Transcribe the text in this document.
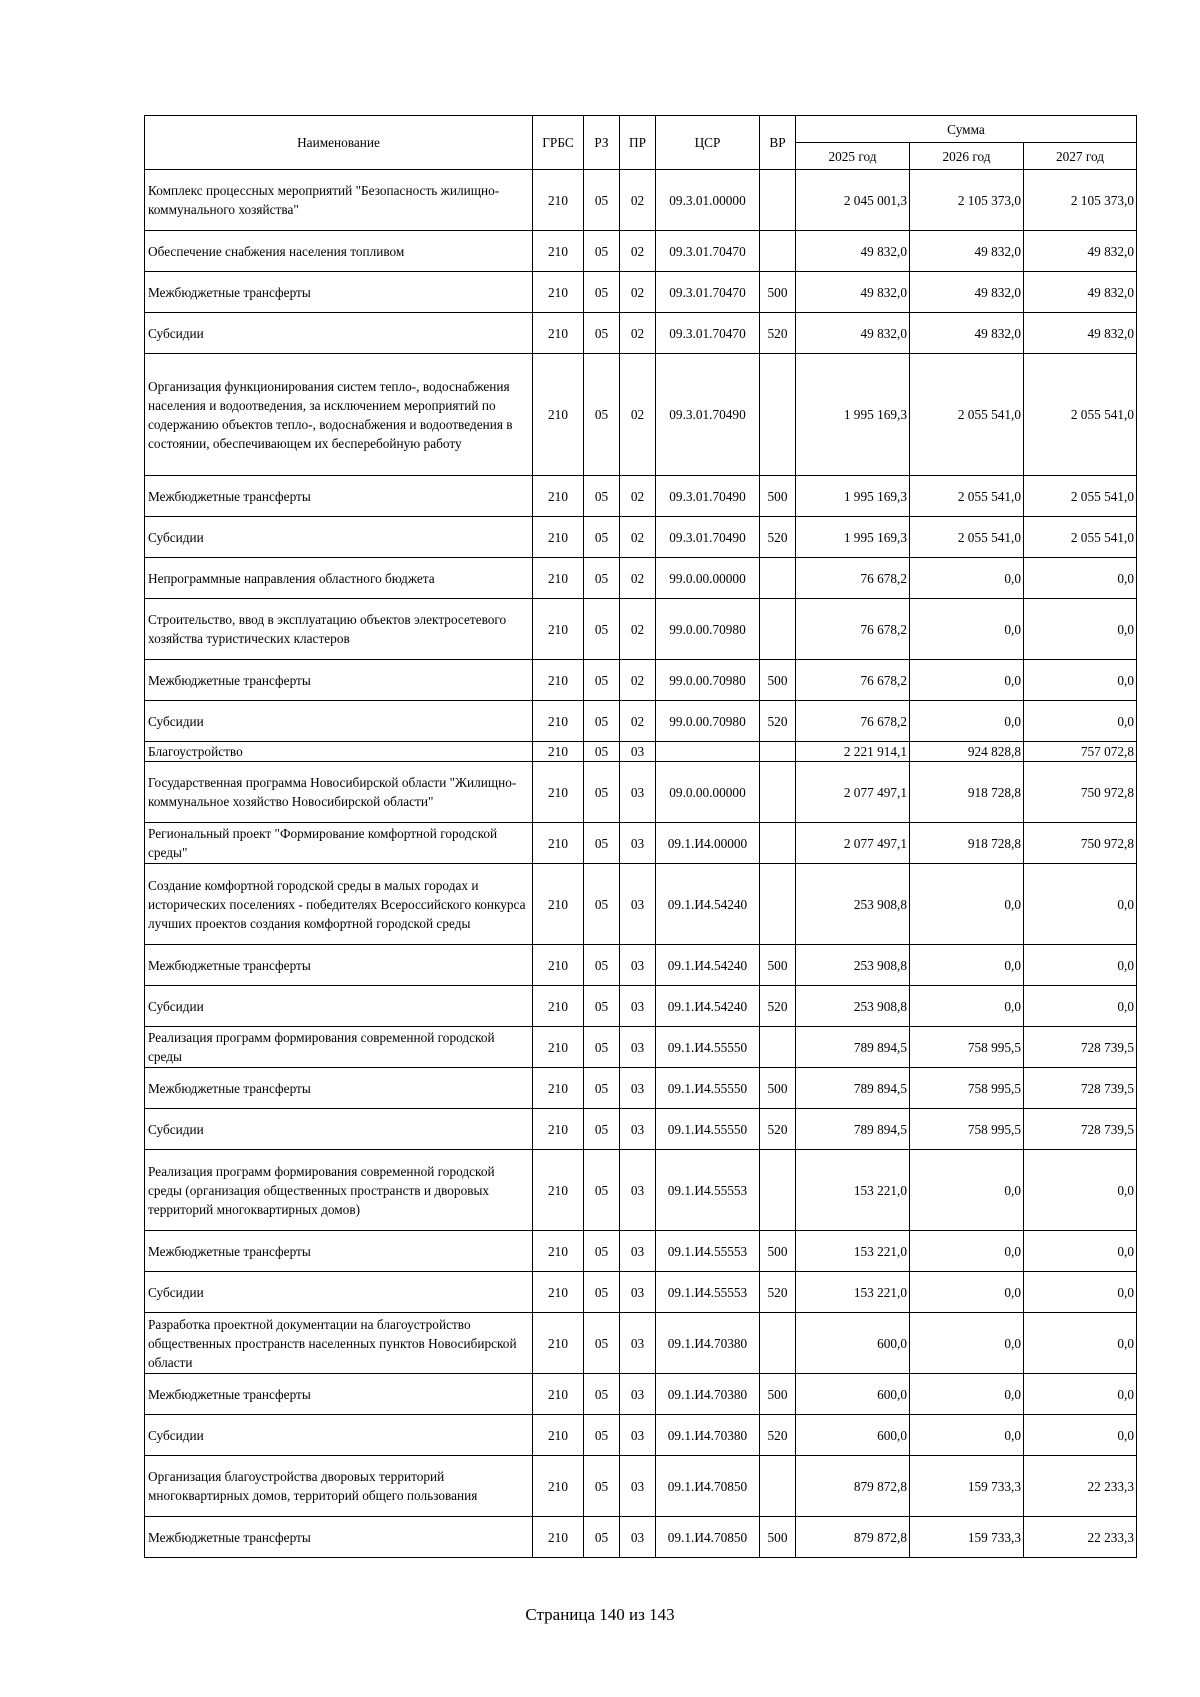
Наименование	ГРБС	РЗ	ПР	ЦСР	ВР	Сумма		
						2025 год	2026 год	2027 год
Комплекс процессных мероприятий "Безопасность жилищно-коммунального хозяйства"	210	05	02	09.3.01.00000		2 045 001,3	2 105 373,0	2 105 373,0
Обеспечение снабжения населения топливом	210	05	02	09.3.01.70470		49 832,0	49 832,0	49 832,0
Межбюджетные трансферты	210	05	02	09.3.01.70470	500	49 832,0	49 832,0	49 832,0
Субсидии	210	05	02	09.3.01.70470	520	49 832,0	49 832,0	49 832,0
Организация функционирования систем тепло-, водоснабжения населения и водоотведения, за исключением мероприятий по содержанию объектов тепло-, водоснабжения и водоотведения в состоянии, обеспечивающем их бесперебойную работу	210	05	02	09.3.01.70490		1 995 169,3	2 055 541,0	2 055 541,0
Межбюджетные трансферты	210	05	02	09.3.01.70490	500	1 995 169,3	2 055 541,0	2 055 541,0
Субсидии	210	05	02	09.3.01.70490	520	1 995 169,3	2 055 541,0	2 055 541,0
Непрограммные направления областного бюджета	210	05	02	99.0.00.00000		76 678,2	0,0	0,0
Строительство, ввод в эксплуатацию объектов электросетевого хозяйства туристических кластеров	210	05	02	99.0.00.70980		76 678,2	0,0	0,0
Межбюджетные трансферты	210	05	02	99.0.00.70980	500	76 678,2	0,0	0,0
Субсидии	210	05	02	99.0.00.70980	520	76 678,2	0,0	0,0
Благоустройство	210	05	03			2 221 914,1	924 828,8	757 072,8
Государственная программа Новосибирской области "Жилищно-коммунальное хозяйство Новосибирской области"	210	05	03	09.0.00.00000		2 077 497,1	918 728,8	750 972,8
Региональный проект "Формирование комфортной городской среды"	210	05	03	09.1.И4.00000		2 077 497,1	918 728,8	750 972,8
Создание комфортной городской среды в малых городах и исторических поселениях - победителях Всероссийского конкурса лучших проектов создания комфортной городской среды	210	05	03	09.1.И4.54240		253 908,8	0,0	0,0
Межбюджетные трансферты	210	05	03	09.1.И4.54240	500	253 908,8	0,0	0,0
Субсидии	210	05	03	09.1.И4.54240	520	253 908,8	0,0	0,0
Реализация программ формирования современной городской среды	210	05	03	09.1.И4.55550		789 894,5	758 995,5	728 739,5
Межбюджетные трансферты	210	05	03	09.1.И4.55550	500	789 894,5	758 995,5	728 739,5
Субсидии	210	05	03	09.1.И4.55550	520	789 894,5	758 995,5	728 739,5
Реализация программ формирования современной городской среды (организация общественных пространств и дворовых территорий многоквартирных домов)	210	05	03	09.1.И4.55553		153 221,0	0,0	0,0
Межбюджетные трансферты	210	05	03	09.1.И4.55553	500	153 221,0	0,0	0,0
Субсидии	210	05	03	09.1.И4.55553	520	153 221,0	0,0	0,0
Разработка проектной документации на благоустройство общественных пространств населенных пунктов Новосибирской области	210	05	03	09.1.И4.70380		600,0	0,0	0,0
Межбюджетные трансферты	210	05	03	09.1.И4.70380	500	600,0	0,0	0,0
Субсидии	210	05	03	09.1.И4.70380	520	600,0	0,0	0,0
Организация благоустройства дворовых территорий многоквартирных домов, территорий общего пользования	210	05	03	09.1.И4.70850		879 872,8	159 733,3	22 233,3
Межбюджетные трансферты	210	05	03	09.1.И4.70850	500	879 872,8	159 733,3	22 233,3
Страница 140 из 143
